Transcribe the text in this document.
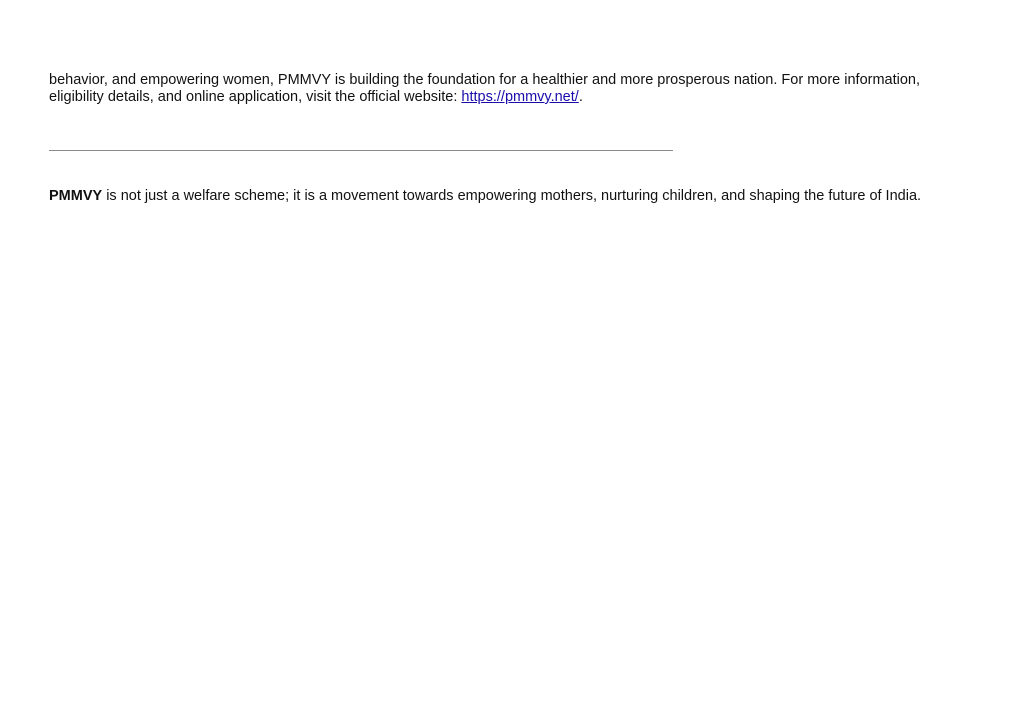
behavior, and empowering women, PMMVY is building the foundation for a healthier and more prosperous nation. For more information,
eligibility details, and online application, visit the official website: https://pmmvy.net/.

PMMVY is not just a welfare scheme; it is a movement towards empowering mothers, nurturing children, and shaping the future of India.
